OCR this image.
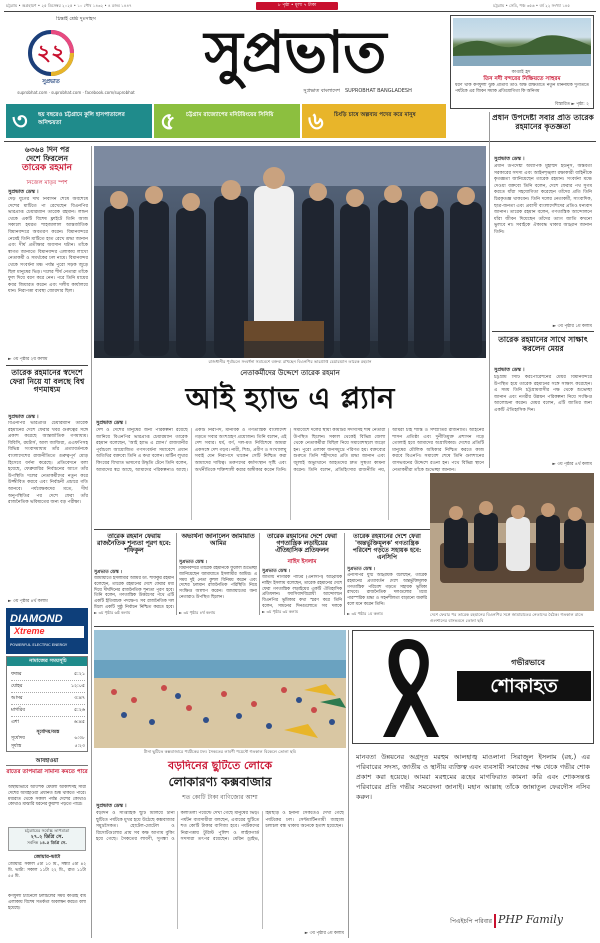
চট্টগ্রাম • অগ্রহায়ণ • ২৫ ডিসেম্বর ২০২৫ • ১০ পৌষ ১৪৩২ • ৪ রজব ১৪৪৭	৮ পৃষ্ঠা • মূল্য ৭ টাকা	চট্টগ্রাম • সেমি, পঞ্চ ৩৫৬ • বর্ষ ২২ সংখ্যা ১৪৫
চিন্তাই শ্রেষ্ঠ দুঃসাহস
২২
সুপ্রভাত
suprobhat.com · suprobhat.com · facebook.com/suprobhat
সুপ্রভাত
সুপ্রভাত বাংলাদেশ SUPROBHAT BANGLADESH
কাপ্তাই হ্রদ
তিন নদী বন্দরের নিষ্ক্রিয়তে সাহুরম
ধরণ থাক কর্ণফুলী ঝুঁক প্রতিবি তাও অক্ষ রক্ষিতীতে নতুন মাননীয়ক দুর্গতিতে পর্যটকে এর জিবন সমাক প্রতিযোগিতা কি অনিগম
বিস্তারিত ► পৃষ্ঠা: ২
৩	ছয় বছরেও চট্টগ্রামে কুলি হাসপাতালের অনিশ্চয়তা	৫	চট্টগ্রাম রাজ্যোপের মনিটরিংয়ের সিনিয়ি	৬	চিংড়ি চাষে অল্পব্যয় পদের করে মানুষ
৬৩৬৪ দিন পর
দেশে ফিরলেন
তারেক রহমান
নিজেল মাতৃর স্পর্শ
সুপ্রভাত ডেস্ক ।
দেড় যুগের দীর্ঘ নির্বাসন শেষে অবশেষে দেশের মাটিতে পা রেখেছেন বিএনপির ভারপ্রাপ্ত চেয়ারম্যান তারেক রহমান। লন্ডন থেকে একটি বিশেষ ফ্লাইটে তিনি আজ সকালে হযরত শাহজালাল আন্তর্জাতিক বিমানবন্দরে অবতরণ করেন। বিমানবন্দরে নেমেই তিনি মাটিতে হাত রেখে শ্রদ্ধা জানান এবং দীর্ঘ প্রতীক্ষার অবসান ঘটান। তাঁকে স্বাগত জানাতে বিমানবন্দর এলাকায় লাখো নেতাকর্মী ও সমর্থকের ঢল নামে। বিমানবন্দর থেকে সংবর্ধনা মঞ্চ পর্যন্ত পুরো সড়ক জুড়ে ছিল মানুষের ভিড়। দলের শীর্ষ নেতারা তাঁকে ফুল দিয়ে বরণ করে নেন। পরে তিনি মায়ের কবর জিয়ারত করেন এবং দলীয় কার্যালয়ে যান। নিরাপত্তা ব্যবস্থা জোরদার ছিল।
► ৩য় পৃষ্ঠার ২য় কলাম
তারেক রহমানের স্বদেশে ফেরা নিয়ে যা বলছে বিশ্ব গণমাধ্যম
সুপ্রভাত ডেস্ক ।
বিএনপির ভারপ্রাপ্ত চেয়ারম্যান তারেক রহমানের দেশে ফেরার খবর গুরুত্বের সঙ্গে প্রকাশ করেছে আন্তর্জাতিক গণমাধ্যম। বিবিসি, রয়টার্স, আল জাজিরা, এএফপিসহ বিভিন্ন সংবাদমাধ্যম তাঁর প্রত্যাবর্তনকে বাংলাদেশের রাজনীতিতে গুরুত্বপূর্ণ মোড় হিসেবে বর্ণনা করেছে। প্রতিবেদনে বলা হয়েছে, ফেব্রুয়ারির নির্বাচনের আগে তাঁর উপস্থিতি দলের নেতাকর্মীদের নতুন করে উজ্জীবিত করবে এবং নির্বাচনী প্রচারে গতি আনবে। পর্যবেক্ষকদের মতে, দীর্ঘ অনুপস্থিতির পর দেশে ফেরা তাঁর রাজনৈতিক ভবিষ্যতের জন্য বড় পরীক্ষা।
► ৩য় পৃষ্ঠার ৪র্থ কলাম
DIAMOND
Xtreme
POWERFUL ELECTRIC ENERGY
নামাজের সময়সূচি
ফজর	৫:২১
যোহর	১২:০৫
আসর	৩:৪৭
মাগরিব	৫:২৬
এশা	৬:৪৫
সূর্যোদয়/অস্ত
সূর্যোদয়	৬:৩৮
সূর্যাস্ত	৫:২৩
আবহাওয়া
রাতের তাপমাত্রা সামান্য কমতে পারে
অস্থায়ীভাবে আংশিক মেঘলা আকাশসহ সারা দেশের আবহাওয়া প্রধানত শুষ্ক থাকতে পারে। মধ্যরাত থেকে সকাল পর্যন্ত দেশের কোথাও কোথাও মাঝারি ধরনের কুয়াশা পড়তে পারে।
চট্টগ্রামের সর্বোচ্চ তাপমাত্রা
২৭.২ ডিগ্রি সে.
সর্বনিম্ন ১৪.৫ ডিগ্রি সে.
জোয়ার-ভাটা
জোয়ার: সকাল ৫টা ১০ মি., সন্ধ্যা ৫টা ৪২ মি. ভাটা: সকাল ১১টা ২২ মি., রাত ১১টা ৫৫ মি.
কর্ণফুলী চ্যানেলে চলাচলের সময় কাপ্তাই বাঁধ এলাকায় বিশেষ সতর্কতা অবলম্বন করতে বলা হয়েছে।
রাজধানীর পূর্বাচলে সংবর্ধনা সমাবেশে বক্তব্য রাখছেন বিএনপির ভারপ্রাপ্ত চেয়ারম্যান তারেক রহমান
নেতাকর্মীদের উদ্দেশে তারেক রহমান
আই হ্যাভ এ প্ল্যান
সুপ্রভাত ডেস্ক ।
দেশ ও দেশের মানুষের জন্য পরিকল্পনা রয়েছে জানিয়ে বিএনপির ভারপ্রাপ্ত চেয়ারম্যান তারেক রহমান বলেছেন, 'আই হ্যাভ এ প্ল্যান।' রাজধানীর পূর্বাচলে আয়োজিত গণসংবর্ধনা সমাবেশে প্রধান অতিথির বক্তব্যে তিনি এ কথা বলেন। মার্টিন লুথার কিংয়ের বিখ্যাত ভাষণের উদ্ধৃতি টেনে তিনি বলেন, আমাদের স্বপ্ন আছে, আমাদের পরিকল্পনাও আছে। একটি নিরাপদ, মানবিক ও গণতান্ত্রিক বাংলাদেশ গড়তে সবার অংশগ্রহণ প্রয়োজন। তিনি বলেন, এই দেশ সবার। ধর্ম, বর্ণ, দল-মত নির্বিশেষে আমরা একসঙ্গে দেশ গড়ব। নারী, শিশু, প্রবীণ ও সংখ্যালঘু সবাই যেন নিরাপদে থাকেন সেটি নিশ্চিত করা আমাদের দায়িত্ব। তরুণদের কর্মসংস্থান সৃষ্টি এবং অর্থনীতিকে শক্তিশালী করার অঙ্গীকার করেন তিনি। সমাবেশে দলের স্থায়ী কমিটির সদস্যসহ শীর্ষ নেতারা উপস্থিত ছিলেন। সকাল থেকেই বিভিন্ন জেলা থেকে নেতাকর্মীরা মিছিল নিয়ে সমাবেশস্থলে জড়ো হন। পুরো এলাকা জনসমুদ্রে পরিণত হয়। বক্তব্যের শুরুতে তিনি শহীদদের প্রতি শ্রদ্ধা জানান এবং জুলাই অভ্যুত্থানে আহতদের দ্রুত সুস্থতা কামনা করেন। তিনি বলেন, প্রতিহিংসার রাজনীতি নয়, আমরা চাই শান্তি ও সম্প্রীতির রাজনীতি। আইনের শাসন প্রতিষ্ঠা এবং দুর্নীতিমুক্ত প্রশাসন গড়ে তোলাই হবে আমাদের অগ্রাধিকার। দেশের প্রতিটি মানুষের মৌলিক অধিকার নিশ্চিত করতে কাজ করবে বিএনপি। সমাবেশ শেষে তিনি গুলশানের বাসভবনের উদ্দেশে রওনা হন। পথে বিভিন্ন স্থানে নেতাকর্মীরা তাঁকে শুভেচ্ছা জানান।
তারেক রহমান ফেরায় রাজনৈতিক শূন্যতা পূরণ হবে: শফিকুল
সুপ্রভাত ডেস্ক ।
জামায়াতে ইসলামীর আমির ডা. শফিকুর রহমান বলেছেন, তারেক রহমানের দেশে ফেরার মধ্য দিয়ে দীর্ঘদিনের রাজনৈতিক শূন্যতা পূরণ হবে। তিনি বলেন, গণতান্ত্রিক উত্তরণের পথে এটি একটি ইতিবাচক পদক্ষেপ। সব রাজনৈতিক দল মিলে একটি সুষ্ঠু নির্বাচন নিশ্চিত করতে হবে।
► ৩য় পৃষ্ঠার ৬ষ্ঠ কলাম
অভ্যর্থনা জানালেন জামায়াত আমির
সুপ্রভাত ডেস্ক ।
বিমানবন্দরে তারেক রহমানকে ফুলেল শুভেচ্ছা জানিয়েছেন জামায়াতে ইসলামীর আমির। এ সময় দুই নেতা কুশল বিনিময় করেন এবং দেশের চলমান রাজনৈতিক পরিস্থিতি নিয়ে সংক্ষিপ্ত আলাপ করেন। জামায়াতের অন্য নেতারাও উপস্থিত ছিলেন।
► ৩য় পৃষ্ঠার ৪র্থ কলাম
তারেক রহমানের দেশে ফেরা গণতান্ত্রিক লড়াইয়ের ঐতিহাসিক প্রতিফলন
নাহিদ ইসলাম
সুপ্রভাত ডেস্ক ।
জাতীয় নাগরিক পার্টির (এনসিপি) আহ্বায়ক নাহিদ ইসলাম বলেছেন, তারেক রহমানের দেশে ফেরা গণতান্ত্রিক লড়াইয়ের একটি ঐতিহাসিক প্রতিফলন। ফ্যাসিবাদবিরোধী আন্দোলনে বিএনপির ভূমিকার কথা স্মরণ করে তিনি বলেন, সামনের দিনগুলোতে সব দলকে
► ৩য় পৃষ্ঠার ৩য় কলাম
তারেক রহমানের দেশে ফেরা 'অন্তর্ভুক্তিমূলক' গণতান্ত্রিক পরিবেশ গড়তে সহায়ক হবে: এনসিপি
সুপ্রভাত ডেস্ক ।
এনসিপির যুগ্ম আহ্বায়ক বলেছেন, তারেক রহমানের প্রত্যাবর্তন দেশে অন্তর্ভুক্তিমূলক গণতান্ত্রিক পরিবেশ গড়তে সহায়ক ভূমিকা রাখবে। রাজনৈতিক দলগুলোর মধ্যে পারস্পরিক শ্রদ্ধা ও সহনশীলতা বাড়ানো জরুরি বলে মনে করেন তিনি।
► ৩য় পৃষ্ঠার ১ম কলাম	দেশে ফেরার পর তারেক রহমানের বিএনপির সঙ্গে জামায়াতের নেতাদের বৈঠক। গতকাল রাতে গুলশানের বাসভবনে তোলা ছবি
টানা ছুটিতে কক্সবাজারে পর্যটকের ঢল। সৈকতের লাবণী পয়েন্টে গতকাল বিকেলে তোলা ছবি
বড়দিনের ছুটিতে লোকে
লোকারণ্য কক্সবাজার
শত কোটি টাকা বাণিজ্যের আশা
সুপ্রভাত ডেস্ক ।
বড়দিন ও সাপ্তাহিক ছুটি মিলিয়ে টানা ছুটিতে পর্যটকে মুখর হয়ে উঠেছে কক্সবাজার সমুদ্রসৈকত। হোটেল-মোটেল ও রিসোর্টগুলোর প্রায় সব কক্ষ আগাম বুকিং হয়ে গেছে। সৈকতের লাবণী, সুগন্ধা ও কলাতলী পয়েন্টে দেখা গেছে মানুষের ভিড়। পর্যটন ব্যবসায়ীরা বলছেন, এবারের ছুটিতে শত কোটি টাকার বাণিজ্য হবে। পর্যটকদের নিরাপত্তায় টুরিস্ট পুলিশ ও লাইফগার্ড সদস্যরা তৎপর রয়েছেন। মেরিন ড্রাইভ, হিমছড়ি ও ইনানী সৈকতেও দেখা গেছে পর্যটকের ঢল। সেন্টমার্টিনগামী জাহাজ চলাচল বন্ধ থাকায় অনেকে হতাশ হয়েছেন।
► ৩য় পৃষ্ঠার ৫ম কলাম
গভীরভাবে
শোকাহত
মানবতা উন্নয়নের অগ্রদূত মরহুম আলহাজ্ব মাওলানা সিরাজুল ইসলাম (রহ.) এর পরিবারের সদস্য, জাতীয় ও স্থানীয় ব্যক্তিত্ব এবং ব্যবসায়ী সমাজের পক্ষ থেকে গভীর শোক প্রকাশ করা হয়েছে। আমরা মরহুমের রূহের মাগফিরাত কামনা করি এবং শোকসন্তপ্ত পরিবারের প্রতি গভীর সমবেদনা জানাই। মহান আল্লাহ তাঁকে জান্নাতুল ফেরদৌস নসিব করুন।
পিএইচপি পরিবার PHP Family
প্রধান উপদেষ্টা সবার প্রতি তারেক রহমানের কৃতজ্ঞতা
সুপ্রভাত ডেস্ক ।
প্রধান উপদেষ্টা অধ্যাপক মুহাম্মদ ইউনূস, অন্তর্বর্তী সরকারের সদস্য এবং আইনশৃঙ্খলা রক্ষাকারী বাহিনীকে কৃতজ্ঞতা জানিয়েছেন তারেক রহমান। সংবর্ধনা মঞ্চে দেওয়া বক্তব্যে তিনি বলেন, দেশে ফেরার পথ সুগম করতে যাঁরা সহযোগিতা করেছেন তাঁদের প্রতি তিনি চিরকৃতজ্ঞ থাকবেন। তিনি দলের নেতাকর্মী, সাংবাদিক, ছাত্র-জনতা এবং প্রবাসী বাংলাদেশিদের প্রতিও ধন্যবাদ জানান। তারেক রহমান বলেন, গণতান্ত্রিক আন্দোলনে যাঁরা জীবন দিয়েছেন তাঁদের ত্যাগ জাতি কখনো ভুলবে না। সবাইকে ঐক্যবদ্ধ থাকার আহ্বান জানান তিনি।
► ৩য় পৃষ্ঠার ১ম কলাম
তারেক রহমানের সাথে সাক্ষাৎ করলেন মেয়র
সুপ্রভাত ডেস্ক ।
চট্টগ্রাম সিটি করপোরেশনের মেয়র বিমানবন্দরে উপস্থিত হয়ে তারেক রহমানের সঙ্গে সাক্ষাৎ করেছেন। এ সময় তিনি চট্টগ্রামবাসীর পক্ষ থেকে শুভেচ্ছা জানান এবং নগরীর উন্নয়ন পরিকল্পনা নিয়ে সংক্ষিপ্ত আলোচনা করেন। মেয়র বলেন, এটি জাতির জন্য একটি ঐতিহাসিক দিন।
► ৩য় পৃষ্ঠার ৪র্থ কলাম
